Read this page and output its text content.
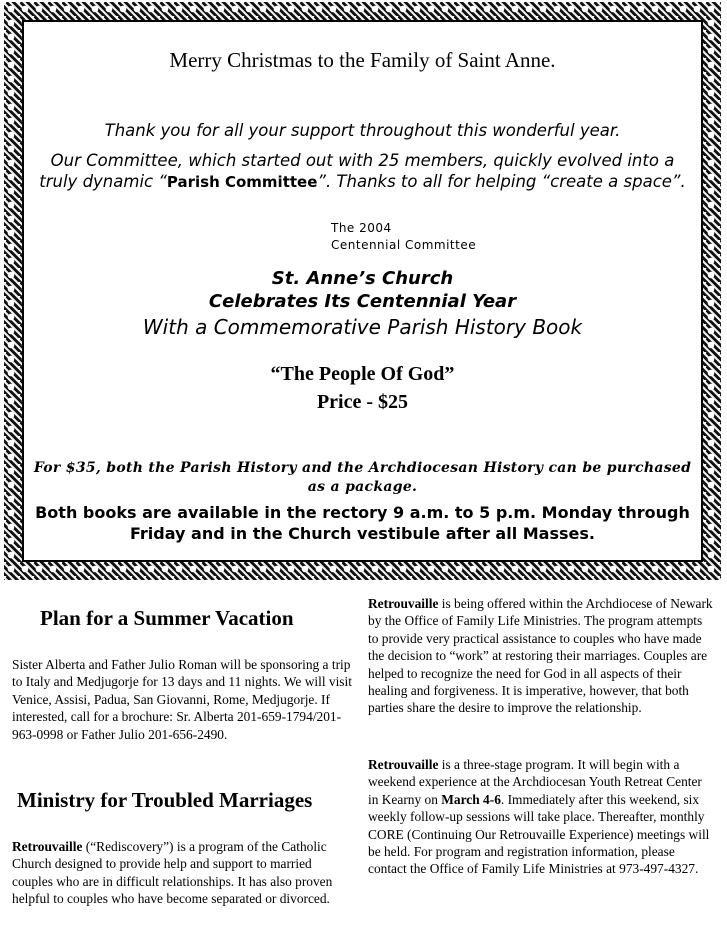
Merry Christmas to the Family of Saint Anne.

Thank you for all your support throughout this wonderful year.

Our Committee, which started out with 25 members, quickly evolved into a truly dynamic “Parish Committee”. Thanks to all for helping “create a space”.

The 2004
Centennial Committee
St. Anne’s Church
Celebrates Its Centennial Year

With a Commemorative Parish History Book

“The People Of God”
Price - $25

For $35, both the Parish History and the Archdiocesan History can be purchased as a package.

Both books are available in the rectory 9 a.m. to 5 p.m. Monday through Friday and in the Church vestibule after all Masses.

Plan for a Summer Vacation

Sister Alberta and Father Julio Roman will be sponsoring a trip to Italy and Medjugorje for 13 days and 11 nights. We will visit Venice, Assisi, Padua, San Giovanni, Rome, Medjugorje. If interested, call for a brochure: Sr. Alberta 201-659-1794/201-963-0998 or Father Julio 201-656-2490.

Ministry for Troubled Marriages

Retrouvaille (“Rediscovery”) is a program of the Catholic Church designed to provide help and support to married couples who are in difficult relationships. It has also proven helpful to couples who have become separated or divorced.

Retrouvaille is being offered within the Archdiocese of Newark by the Office of Family Life Ministries. The program attempts to provide very practical assistance to couples who have made the decision to “work” at restoring their marriages. Couples are helped to recognize the need for God in all aspects of their healing and forgiveness. It is imperative, however, that both parties share the desire to improve the relationship.

Retrouvaille is a three-stage program. It will begin with a weekend experience at the Archdiocesan Youth Retreat Center in Kearny on March 4-6. Immediately after this weekend, six weekly follow-up sessions will take place. Thereafter, monthly CORE (Continuing Our Retrouvaille Experience) meetings will be held. For program and registration information, please contact the Office of Family Life Ministries at 973-497-4327.
